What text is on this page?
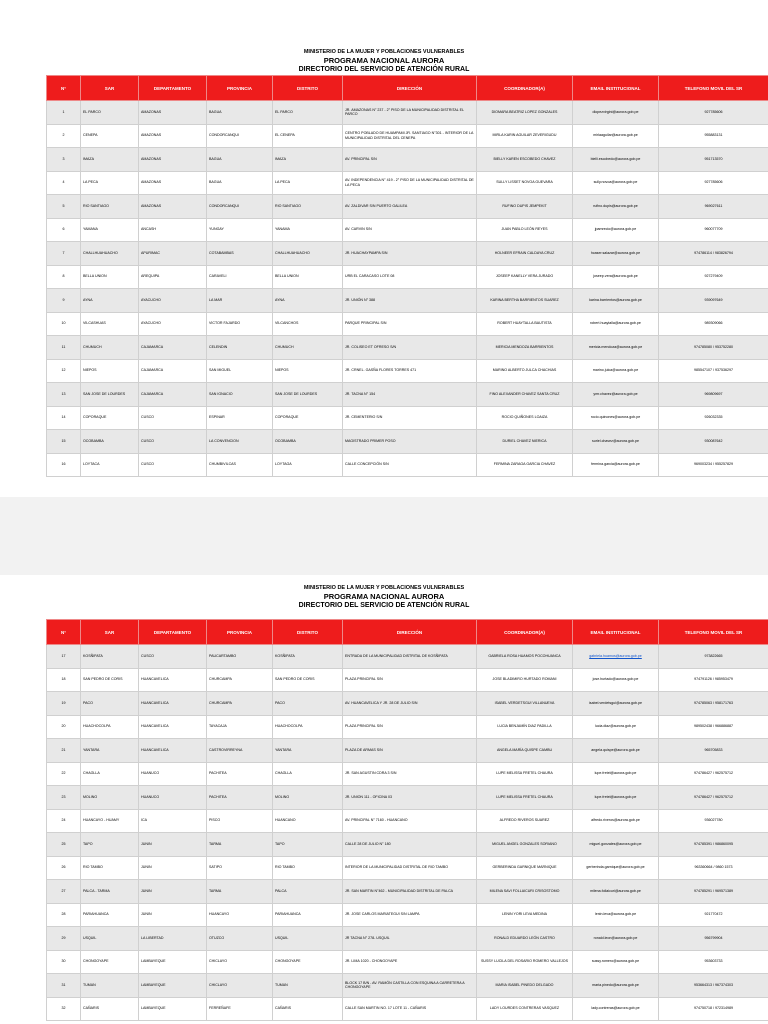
MINISTERIO DE LA MUJER Y POBLACIONES VULNERABLES
PROGRAMA NACIONAL AURORA
DIRECTORIO DEL SERVICIO DE ATENCIÓN RURAL
N°	SAR	DEPARTAMENTO	PROVINCIA	DISTRITO	DIRECCIÓN	COORDINADOR(A)	EMAIL INSTITUCIONAL	TELEFONO MOVIL DEL SR
1	EL PARCO	AMAZONAS	BAGUA	EL PARCO	JR. AMAZONAS N° 237 - 2° PISO DE LA MUNICIPALIDAD DISTRITAL EL PARCO	DIOMARA BEATRIZ LOPEZ GONZALES	dlopezvirgini@aurora.gob.pe	927785606
2	CENEPA	AMAZONAS	CONDORCANQUI	EL CENEPA	CENTRO POBLADO DE HUAMPAMI JR. SANTIAGO N°301 - INTERIOR DE LA MUNICIPALIDAD DISTRITAL DEL CENEPA	MIRLA KARIN AGUILAR ZEVERIGUDU	mirlaaguilar@aurora.gob.pe	955883131
3	IMAZA	AMAZONAS	BAGUA	IMAZA	AV. PRINCIPAL S/N	BIELLY KAREN ESCOBEDO CHAVEZ	bielli.escobedo@aurora.gob.pe	951713570
4	LA PECA	AMAZONAS	BAGUA	LA PECA	AV. INDEPENDENCIA N° 419 - 2° PISO DE LA MUNICIPALIDAD DISTRITAL DE LA PECA	SULLY LISSET NOVOA GUEVARA	sully.novoa@aurora.gob.pe	927785606
5	RIO SANTIAGO	AMAZONAS	CONDORCANQUI	RIO SANTIAGO	AV. ZALDIVAR S/N PUERTO GALILEA	RUFINO DUPIS JEMPEKIT	rufino.dupis@aurora.gob.pe	969027611
6	YAMANA	ANCASH	YUNGAY	YANAMA	AV. CARVIN S/N	JUAN PABLO LEÓN REYES	jpamrecio@aurora.gob.pe	960077709
7	CHALLHUAHUACHO	APURIMAC	COTABAMBAS	CHALLHUAHUACHO	JR. HUACHAYPAMPA S/N	HOLNEER EFRAIN CALDAYA CRUZ	hcaser.salazar@aurora.gob.pe	974786114 / 983826794
8	BELLA UNION	AREQUIPA	CARAVELI	BELLA UNION	URB EL CARACASO LOTE 08	JOSEEP KANELLY VERA JURADO	joseep.vera@aurora.gob.pe	927279409
9	AYNA	AYACUCHO	LA MAR	AYNA	JR. UNIÓN N° 388	KARINA BERTHA BARRIENTOS SUAREZ	karina.barrientos@aurora.gob.pe	939097649
10	VILCASHUAS	AYACUCHO	VICTOR FAJARDO	VILCANCHOS	PARQUE PRINCIPAL S/N	ROBERT HUAYTALLA BAUTISTA	robert.huaytalla@aurora.gob.pe	989309066
11	CHUMUCH	CAJAMARCA	CELENDIN	CHUMUCH	JR. COLISEO ET OFRESO S/N	MERICIA MENDOZA BARRIENTOS	mericia.mendoza@aurora.gob.pe	974785080 / 953752280
12	NIEPOS	CAJAMARCA	SAN MIGUEL	NIEPOS	JR. CRNEL. GASÑA FLORES TORRES 471	MARINO ALBERTO JULCA CHACHIAS	marino.julca@aurora.gob.pe	985547107 / 937536297
13	SAN JOSE DE LOURDES	CAJAMARCA	SAN IGNACIO	SAN JOSE DE LOURDES	JR. TACNA N° 154	FINO ALEXANDER CHAVEZ SANTA CRUZ	ymr.chavez@aurora.gob.pe	969809697
14	COPORAQUE	CUSCO	ESPINAR	COPORAQUE	JR. CEMENTERIO S/N	ROCIO QUIÑONES LOAIZA	rocio.quinones@aurora.gob.pe	926032335
15	OCOBAMBA	CUSCO	LA CONVENCION	OCOBAMBA	MAGISTRADO PRIMER POSO	DURIEL CHAVEZ NIERICA	suriel.chavez@aurora.gob.pe	930087642
16	LOYTACA	CUSCO	CHUMBIVILCAS	LOYTAGA	CALLE CONCEPCIÓN S/N	FERMINA ZARAGA GARCIA CHAVEZ	fermina.garcia@aurora.gob.pe	969003234 / 955257829
MINISTERIO DE LA MUJER Y POBLACIONES VULNERABLES
PROGRAMA NACIONAL AURORA
DIRECTORIO DEL SERVICIO DE ATENCIÓN RURAL
N°	SAR	DEPARTAMENTO	PROVINCIA	DISTRITO	DIRECCIÓN	COORDINADOR(A)	EMAIL INSTITUCIONAL	TELEFONO MOVIL DEL SR
17	KOSÑIPATA	CUSCO	PAUCARTAMBO	KOSÑIPATA	ENTRADA DE LA MUNICIPALIDAD DISTRITAL DE KOSÑIPATA	GABRIELA ROSA HUAMOS POCOHUANCA	gabriela.huamos@aurora.gob.pe	973822665
18	SAN PEDRO DE CORIS	HUANCAVELICA	CHURCAMPA	SAN PEDRO DE CORIS	PLAZA PRINCIPAL S/N	JOSE BLADIMIRO HURTADO ROMANI	jose.hurtado@aurora.gob.pe	974791126 / 985953479
19	PACO	HUANCAVELICA	CHURCAMPA	PACO	AV. HUANCAVELICA Y JR. 28 DE JULIO S/N	ISABEL VERDETSGUI VILLANUEVA	isabel.verdetsgui@aurora.gob.pe	974785063 / 958171763
20	HUACHOCOLPA	HUANCAVELICA	TAYACAJA	HUACHOCOLPA	PLAZA PRINCIPAL S/N	LUCIA BENJAMÍN DIAZ PADILLA	lucia.diaz@aurora.gob.pe	989502438 / 966886887
21	YANTARA	HUANCAVELICA	CASTROVIRREYNA	YANTARA	PLAZA DE ARMAS S/N	ANGELA MARÍA QUISPE CAMBU	angela.quispe@aurora.gob.pe	965705833
22	CHAGLLA	HUANUCO	PACHITEA	CHAGLLA	JR. SAN AGUSTIN CDRA 3 S/N	LUPE MELISSA FRETEL CHAURA	lupe.fretel@aurora.gob.pe	974786427 / 962575712
23	MOLINO	HUANUCO	PACHITEA	MOLINO	JR. UNION 111 - OFICINA 03	LUPE MELISSA FRETEL CHAURA	lupe.fretel@aurora.gob.pe	974786427 / 962575712
24	HUANCAYO - HUAMY	ICA	PISCO	HUANCANO	AV. PRINCIPAL N° 7160 - HUANCANO	ALFREDO RIVEROS SUAREZ	alfredo.riveros@aurora.gob.pe	936027780
25	TAPO	JUNIN	TARMA	TAPO	CALLE 28 DE JULIO N° 180	MIGUEL ANGEL GONZALES SORIANO	miguel.gonzales@aurora.gob.pe	974785391 / 986860095
26	RIO TAMBO	JUNIN	SATIPO	RIO TAMBO	INTERIOR DE LA MUNICIPALIDAD DISTRITAL DE RIO TAMBO	GERBERINDA GARNIQUE MARNIQUE	gerberinda.garnique@aurora.gob.pe	963360664 / 9860 1573
27	PALCA - TARMA	JUNIN	TARMA	PALCA	JR. SAN MARTIN N°462 - MUNICIPALIDAD DISTRITAL DE PALCA	MILENA SAVI FOLLAICURI CRISOSTOMO	milena.follaicuri@aurora.gob.pe	974785291 / 969571389
28	PARIAHUANCA	JUNIN	HUANCAYO	PARIAHUANCA	JR. JOSE CARLOS MARIATEGUI S/N LAMPA	LENIN YORI LEVA MEDINA	lenin.leva@aurora.gob.pe	921770472
29	USQUIL	LA LIBERTAD	OTUZCO	USQUIL	JR TACNA N° 278- USQUIL	RONALD EDUARDO LEÓN CASTRO	ronald.leon@aurora.gob.pe	956799904
30	CHONGOYAPE	LAMBAYEQUE	CHICLAYO	CHONGOYAPE	JR. LIMA 1020 - CHONGOYAPE	SUSSY LUCILA DEL ROSARIO ROMERO VALLEJOS	sussy.romero@aurora.gob.pe	953603733
31	TUMAN	LAMBAYEQUE	CHICLAYO	TUMAN	BLOCK 17 B/N - AV. RAMÓN CASTILLA CON ESQUINA A CARRETERA A CHONGOYAPE	MARIA ISABEL PINEDO DELGADO	maria.pinedo@aurora.gob.pe	953664313 / 967374303
32	CAÑARIS	LAMBAYEQUE	FERREÑAFE	CAÑARIS	CALLE SAN MARTIN NO. 17 LOTE 11 - CAÑARIS	LADY LOURDES CONTRERAS VASQUEZ	lady.contreras@aurora.gob.pe	974750718 / 972314989
